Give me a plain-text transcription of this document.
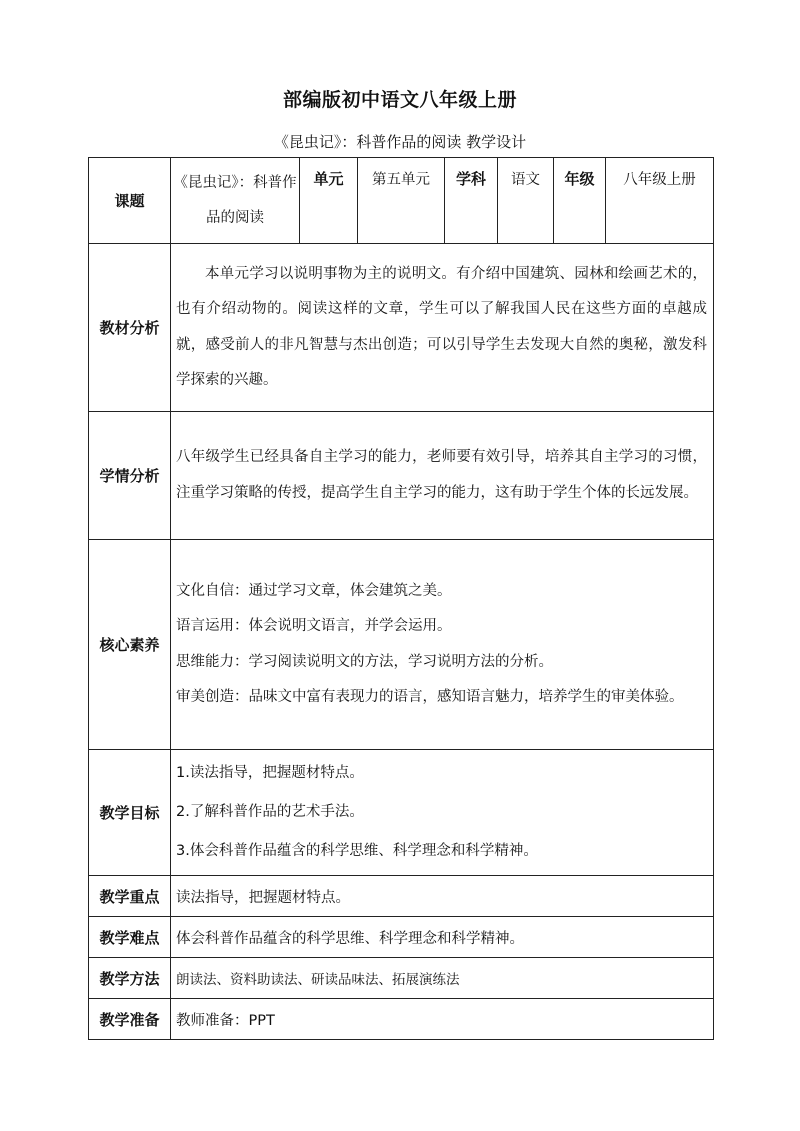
部编版初中语文八年级上册
《昆虫记》：科普作品的阅读 教学设计
课题	《昆虫记》：科普作品的阅读	单元	第五单元	学科	语文	年级	八年级上册
教材分析	本单元学习以说明事物为主的说明文。有介绍中国建筑、园林和绘画艺术的，也有介绍动物的。阅读这样的文章，学生可以了解我国人民在这些方面的卓越成就，感受前人的非凡智慧与杰出创造；可以引导学生去发现大自然的奥秘，激发科学探索的兴趣。						

学情分析	八年级学生已经具备自主学习的能力，老师要有效引导，培养其自主学习的习惯，注重学习策略的传授，提高学生自主学习的能力，这有助于学生个体的长远发展。						

核心素养	文化自信：通过学习文章，体会建筑之美。

语言运用：体会说明文语言，并学会运用。

思维能力：学习阅读说明文的方法，学习说明方法的分析。

审美创造：品味文中富有表现力的语言，感知语言魅力，培养学生的审美体验。						

教学目标	1.读法指导，把握题材特点。

2.了解科普作品的艺术手法。

3.体会科普作品蕴含的科学思维、科学理念和科学精神。						

教学重点	读法指导，把握题材特点。						
教学难点	体会科普作品蕴含的科学思维、科学理念和科学精神。						
教学方法	朗读法、资料助读法、研读品味法、拓展演练法						
教学准备	教师准备：PPT						
